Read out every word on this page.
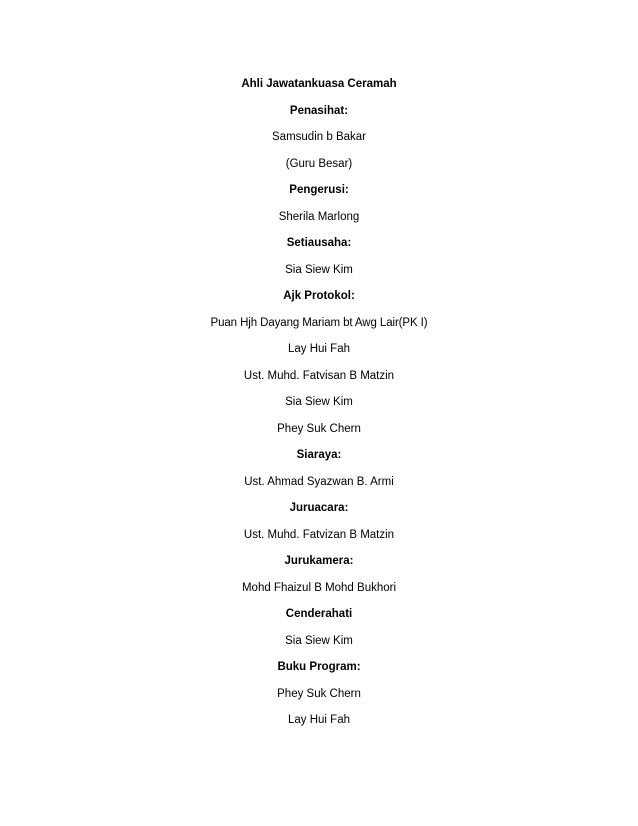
Ahli Jawatankuasa Ceramah
Penasihat:
Samsudin b Bakar
(Guru Besar)
Pengerusi:
Sherila Marlong
Setiausaha:
Sia Siew Kim
Ajk Protokol:
Puan Hjh Dayang Mariam bt Awg Lair(PK I)
Lay Hui Fah
Ust. Muhd. Fatvisan B Matzin
Sia Siew Kim
Phey Suk Chern
Siaraya:
Ust. Ahmad Syazwan B. Armi
Juruacara:
Ust. Muhd. Fatvizan B Matzin
Jurukamera:
Mohd Fhaizul B Mohd Bukhori
Cenderahati
Sia Siew Kim
Buku Program:
Phey Suk Chern
Lay Hui Fah
